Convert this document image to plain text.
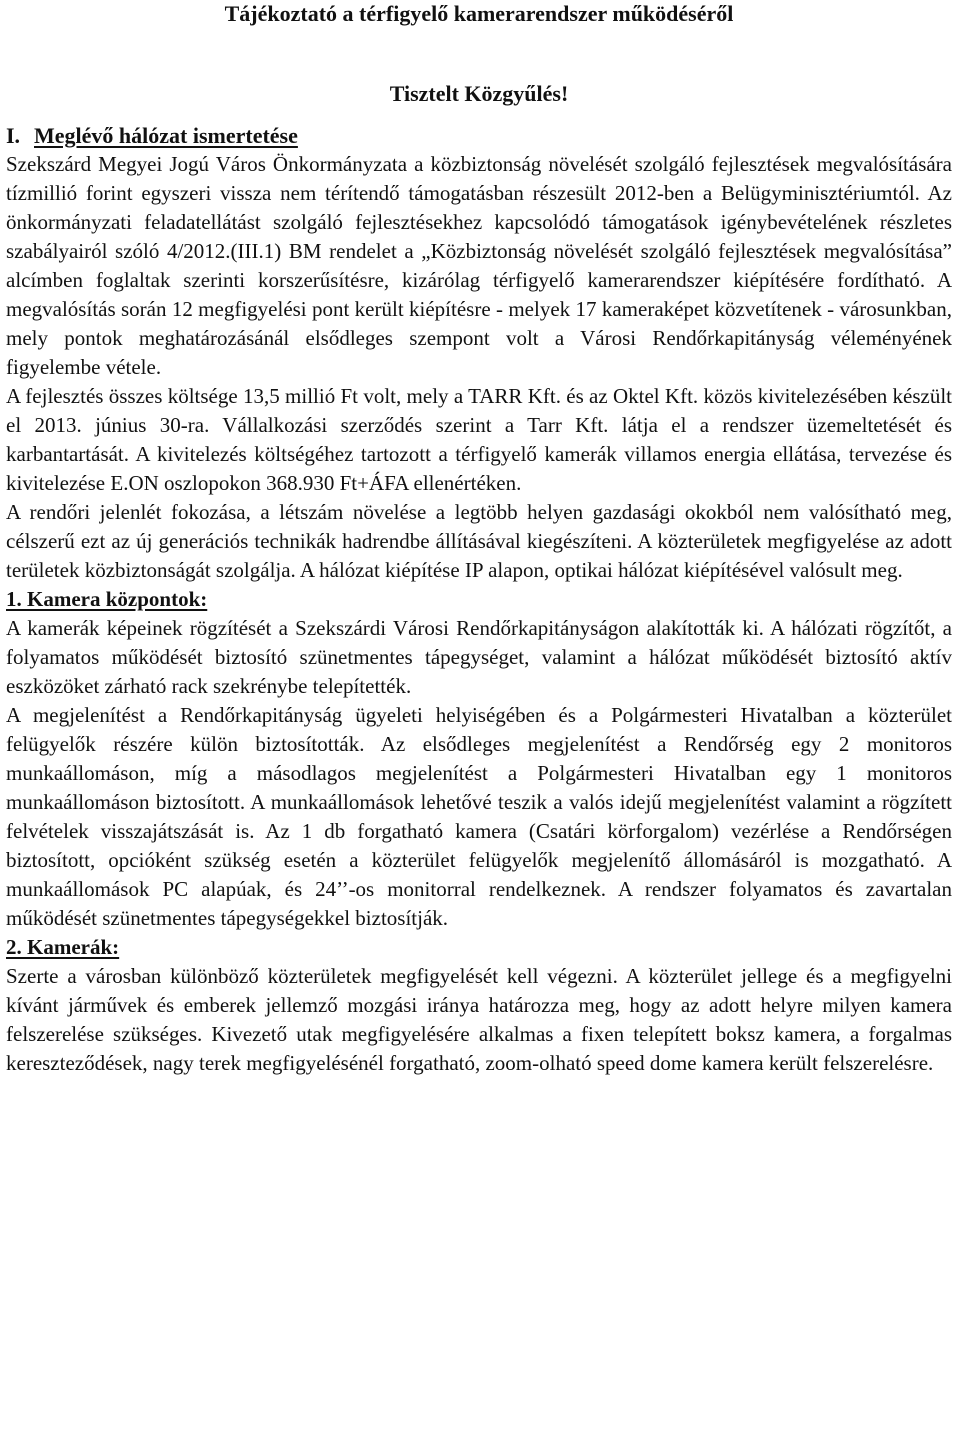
Tájékoztató a térfigyelő kamerarendszer működéséről
Tisztelt Közgyűlés!
I. Meglévő hálózat ismertetése

Szekszárd Megyei Jogú Város Önkormányzata a közbiztonság növelését szolgáló fejlesztések megvalósítására tízmillió forint egyszeri vissza nem térítendő támogatásban részesült 2012-ben a Belügyminisztériumtól. Az önkormányzati feladatellátást szolgáló fejlesztésekhez kapcsolódó támogatások igénybevételének részletes szabályairól szóló 4/2012.(III.1) BM rendelet a „Közbiztonság növelését szolgáló fejlesztések megvalósítása” alcímben foglaltak szerinti korszerűsítésre, kizárólag térfigyelő kamerarendszer kiépítésére fordítható. A megvalósítás során 12 megfigyelési pont került kiépítésre - melyek 17 kameraképet közvetítenek - városunkban, mely pontok meghatározásánál elsődleges szempont volt a Városi Rendőrkapitányság véleményének figyelembe vétele.

A fejlesztés összes költsége 13,5 millió Ft volt, mely a TARR Kft. és az Oktel Kft. közös kivitelezésében készült el 2013. június 30-ra. Vállalkozási szerződés szerint a Tarr Kft. látja el a rendszer üzemeltetését és karbantartását. A kivitelezés költségéhez tartozott a térfigyelő kamerák villamos energia ellátása, tervezése és kivitelezése E.ON oszlopokon 368.930 Ft+ÁFA ellenértéken.

A rendőri jelenlét fokozása, a létszám növelése a legtöbb helyen gazdasági okokból nem valósítható meg, célszerű ezt az új generációs technikák hadrendbe állításával kiegészíteni. A közterületek megfigyelése az adott területek közbiztonságát szolgálja. A hálózat kiépítése IP alapon, optikai hálózat kiépítésével valósult meg.

1. Kamera központok:

A kamerák képeinek rögzítését a Szekszárdi Városi Rendőrkapitányságon alakították ki. A hálózati rögzítőt, a folyamatos működését biztosító szünetmentes tápegységet, valamint a hálózat működését biztosító aktív eszközöket zárható rack szekrénybe telepítették.

A megjelenítést a Rendőrkapitányság ügyeleti helyiségében és a Polgármesteri Hivatalban a közterület felügyelők részére külön biztosították. Az elsődleges megjelenítést a Rendőrség egy 2 monitoros munkaállomáson, míg a másodlagos megjelenítést a Polgármesteri Hivatalban egy 1 monitoros munkaállomáson biztosított. A munkaállomások lehetővé teszik a valós idejű megjelenítést valamint a rögzített felvételek visszajátszását is. Az 1 db forgatható kamera (Csatári körforgalom) vezérlése a Rendőrségen biztosított, opcióként szükség esetén a közterület felügyelők megjelenítő állomásáról is mozgatható. A munkaállomások PC alapúak, és 24’’-os monitorral rendelkeznek. A rendszer folyamatos és zavartalan működését szünetmentes tápegységekkel biztosítják.

2. Kamerák:

Szerte a városban különböző közterületek megfigyelését kell végezni. A közterület jellege és a megfigyelni kívánt járművek és emberek jellemző mozgási iránya határozza meg, hogy az adott helyre milyen kamera felszerelése szükséges. Kivezető utak megfigyelésére alkalmas a fixen telepített boksz kamera, a forgalmas kereszteződések, nagy terek megfigyelésénél forgatható, zoom-olható speed dome kamera került felszerelésre.
